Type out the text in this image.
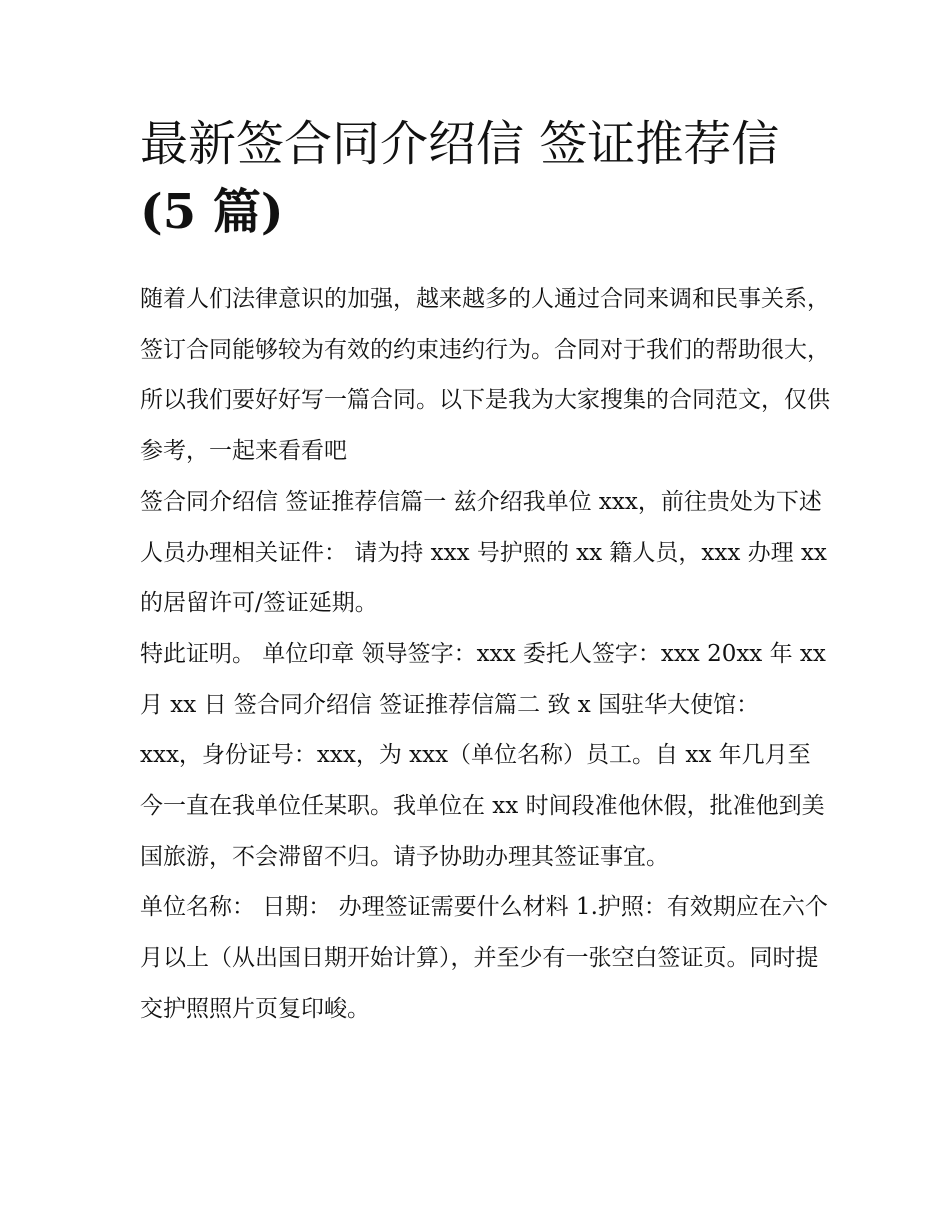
最新签合同介绍信 签证推荐信
(5 篇)

随着人们法律意识的加强，越来越多的人通过合同来调和民事关系，签订合同能够较为有效的约束违约行为。合同对于我们的帮助很大，所以我们要好好写一篇合同。以下是我为大家搜集的合同范文，仅供参考，一起来看看吧

签合同介绍信 签证推荐信篇一 兹介绍我单位 xxx，前往贵处为下述人员办理相关证件： 请为持 xxx 号护照的 xx 籍人员，xxx 办理 xx 的居留许可/签证延期。

特此证明。 单位印章 领导签字：xxx 委托人签字：xxx 20xx 年 xx 月 xx 日 签合同介绍信 签证推荐信篇二 致 x 国驻华大使馆：

xxx，身份证号：xxx，为 xxx（单位名称）员工。自 xx 年几月至今一直在我单位任某职。我单位在 xx 时间段准他休假，批准他到美国旅游，不会滞留不归。请予协助办理其签证事宜。

单位名称： 日期： 办理签证需要什么材料 1.护照：有效期应在六个月以上（从出国日期开始计算），并至少有一张空白签证页。同时提交护照照片页复印峻。
